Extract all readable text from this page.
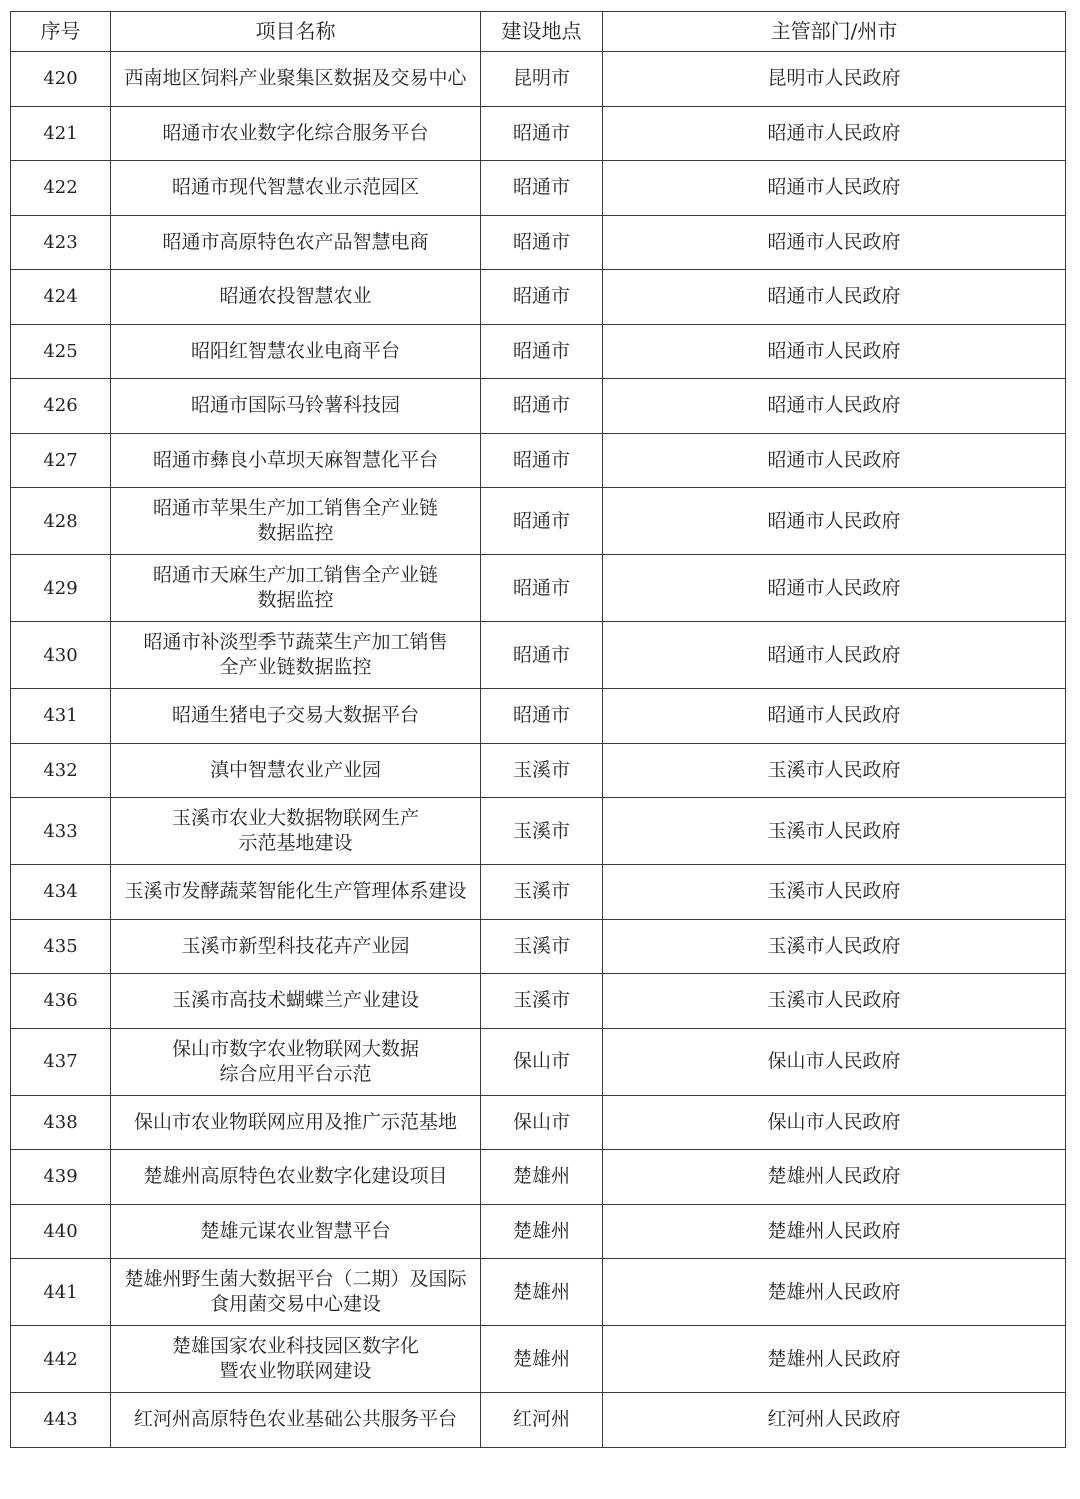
序号	项目名称	建设地点	主管部门/州市
420	西南地区饲料产业聚集区数据及交易中心	昆明市	昆明市人民政府
421	昭通市农业数字化综合服务平台	昭通市	昭通市人民政府
422	昭通市现代智慧农业示范园区	昭通市	昭通市人民政府
423	昭通市高原特色农产品智慧电商	昭通市	昭通市人民政府
424	昭通农投智慧农业	昭通市	昭通市人民政府
425	昭阳红智慧农业电商平台	昭通市	昭通市人民政府
426	昭通市国际马铃薯科技园	昭通市	昭通市人民政府
427	昭通市彝良小草坝天麻智慧化平台	昭通市	昭通市人民政府
428	昭通市苹果生产加工销售全产业链
数据监控	昭通市	昭通市人民政府
429	昭通市天麻生产加工销售全产业链
数据监控	昭通市	昭通市人民政府
430	昭通市补淡型季节蔬菜生产加工销售
全产业链数据监控	昭通市	昭通市人民政府
431	昭通生猪电子交易大数据平台	昭通市	昭通市人民政府
432	滇中智慧农业产业园	玉溪市	玉溪市人民政府
433	玉溪市农业大数据物联网生产
示范基地建设	玉溪市	玉溪市人民政府
434	玉溪市发酵蔬菜智能化生产管理体系建设	玉溪市	玉溪市人民政府
435	玉溪市新型科技花卉产业园	玉溪市	玉溪市人民政府
436	玉溪市高技术蝴蝶兰产业建设	玉溪市	玉溪市人民政府
437	保山市数字农业物联网大数据
综合应用平台示范	保山市	保山市人民政府
438	保山市农业物联网应用及推广示范基地	保山市	保山市人民政府
439	楚雄州高原特色农业数字化建设项目	楚雄州	楚雄州人民政府
440	楚雄元谋农业智慧平台	楚雄州	楚雄州人民政府
441	楚雄州野生菌大数据平台（二期）及国际
食用菌交易中心建设	楚雄州	楚雄州人民政府
442	楚雄国家农业科技园区数字化
暨农业物联网建设	楚雄州	楚雄州人民政府
443	红河州高原特色农业基础公共服务平台	红河州	红河州人民政府
